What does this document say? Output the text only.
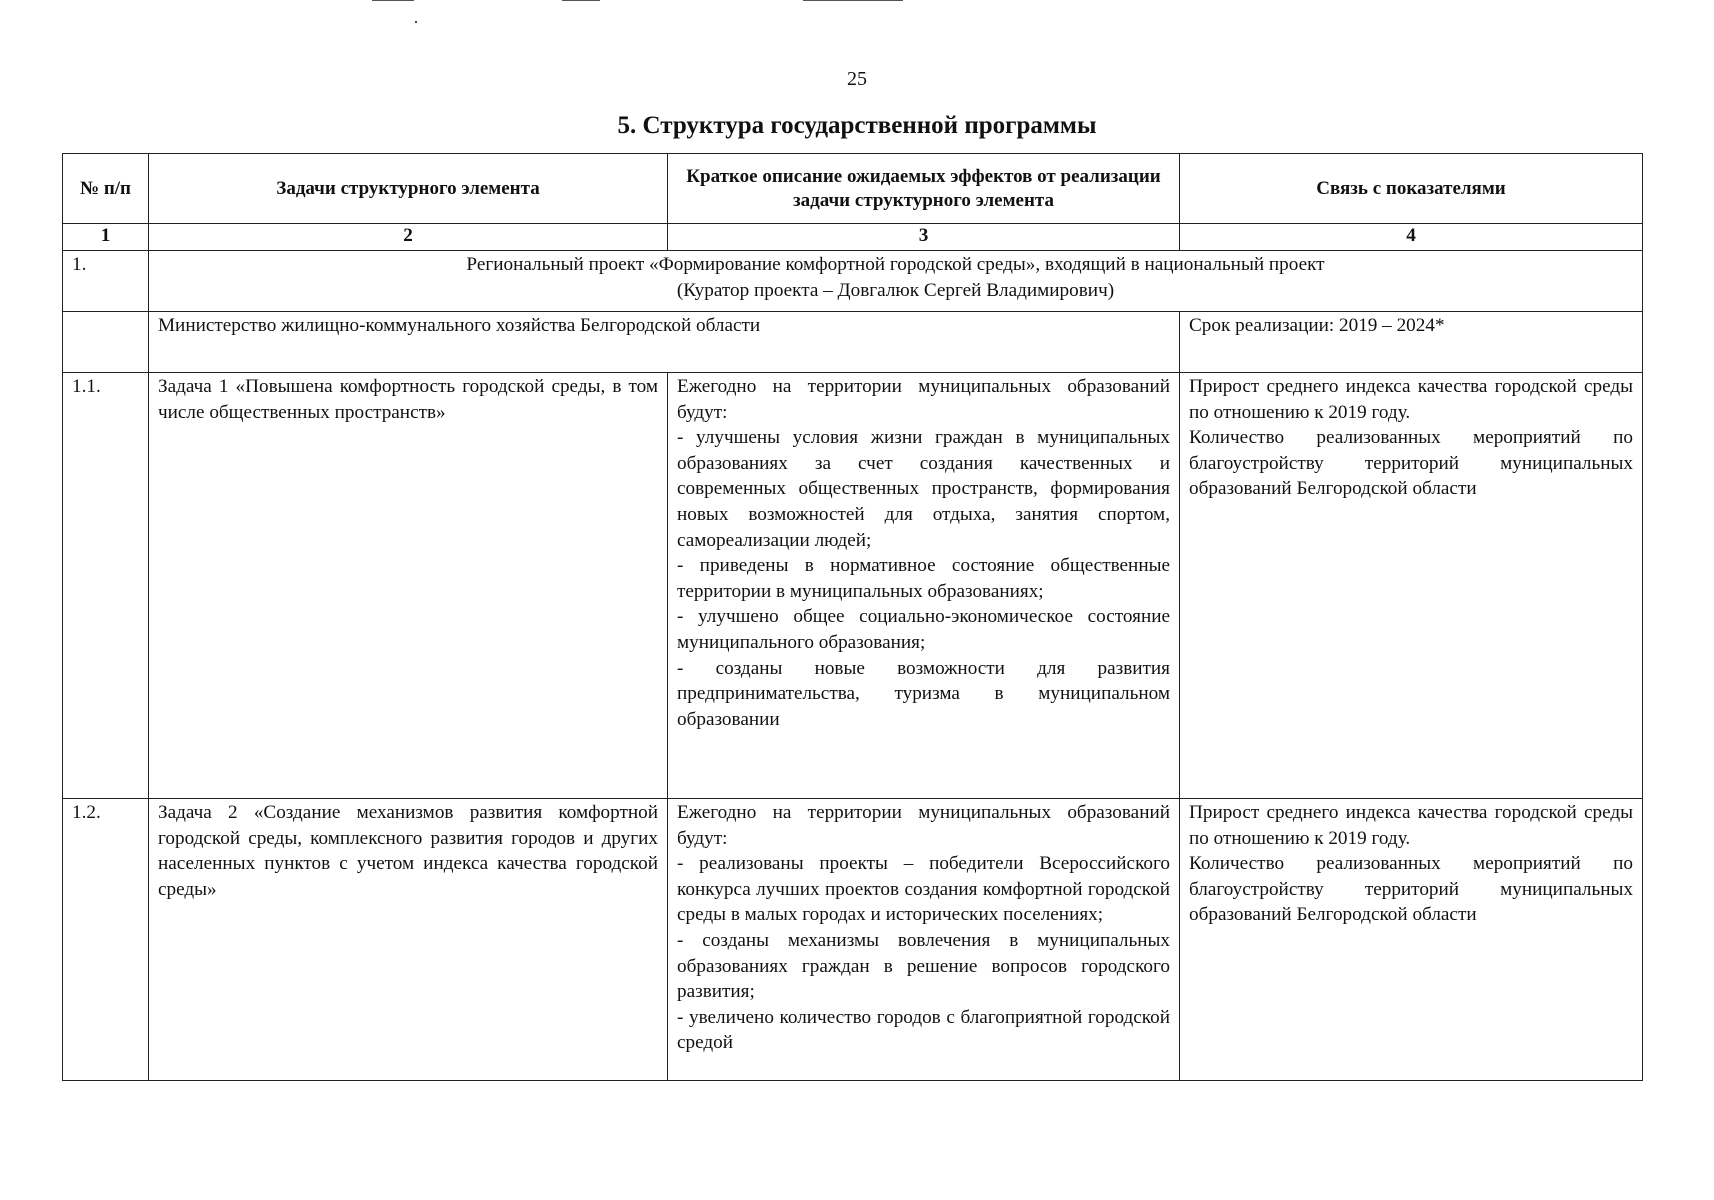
25
5. Структура государственной программы
№ п/п	Задачи структурного элемента	Краткое описание ожидаемых эффектов от реализации задачи структурного элемента	Связь с показателями
1	2	3	4
1.	Региональный проект «Формирование комфортной городской среды», входящий в национальный проект
(Куратор проекта – Довгалюк Сергей Владимирович)		

	Министерство жилищно-коммунального хозяйства Белгородской области		Срок реализации: 2019 – 2024*
1.1.	Задача 1 «Повышена комфортность городской среды, в том числе общественных пространств»	Ежегодно на территории муниципальных образований будут:
- улучшены условия жизни граждан в муниципальных образованиях за счет создания качественных и современных общественных пространств, формирования новых возможностей для отдыха, занятия спортом, самореализации людей;
- приведены в нормативное состояние общественные территории в муниципальных образованиях;
- улучшено общее социально-экономическое состояние муниципального образования;
- созданы новые возможности для развития предпринимательства, туризма в муниципальном образовании	Прирост среднего индекса качества городской среды по отношению к 2019 году.
Количество реализованных мероприятий по благоустройству территорий муниципальных образований Белгородской области

1.2.	Задача 2 «Создание механизмов развития комфортной городской среды, комплексного развития городов и других населенных пунктов с учетом индекса качества городской среды»	Ежегодно на территории муниципальных образований будут:
- реализованы проекты – победители Всероссийского конкурса лучших проектов создания комфортной городской среды в малых городах и исторических поселениях;
- созданы механизмы вовлечения в муниципальных образованиях граждан в решение вопросов городского развития;
- увеличено количество городов с благоприятной городской средой	Прирост среднего индекса качества городской среды по отношению к 2019 году.
Количество реализованных мероприятий по благоустройству территорий муниципальных образований Белгородской области
